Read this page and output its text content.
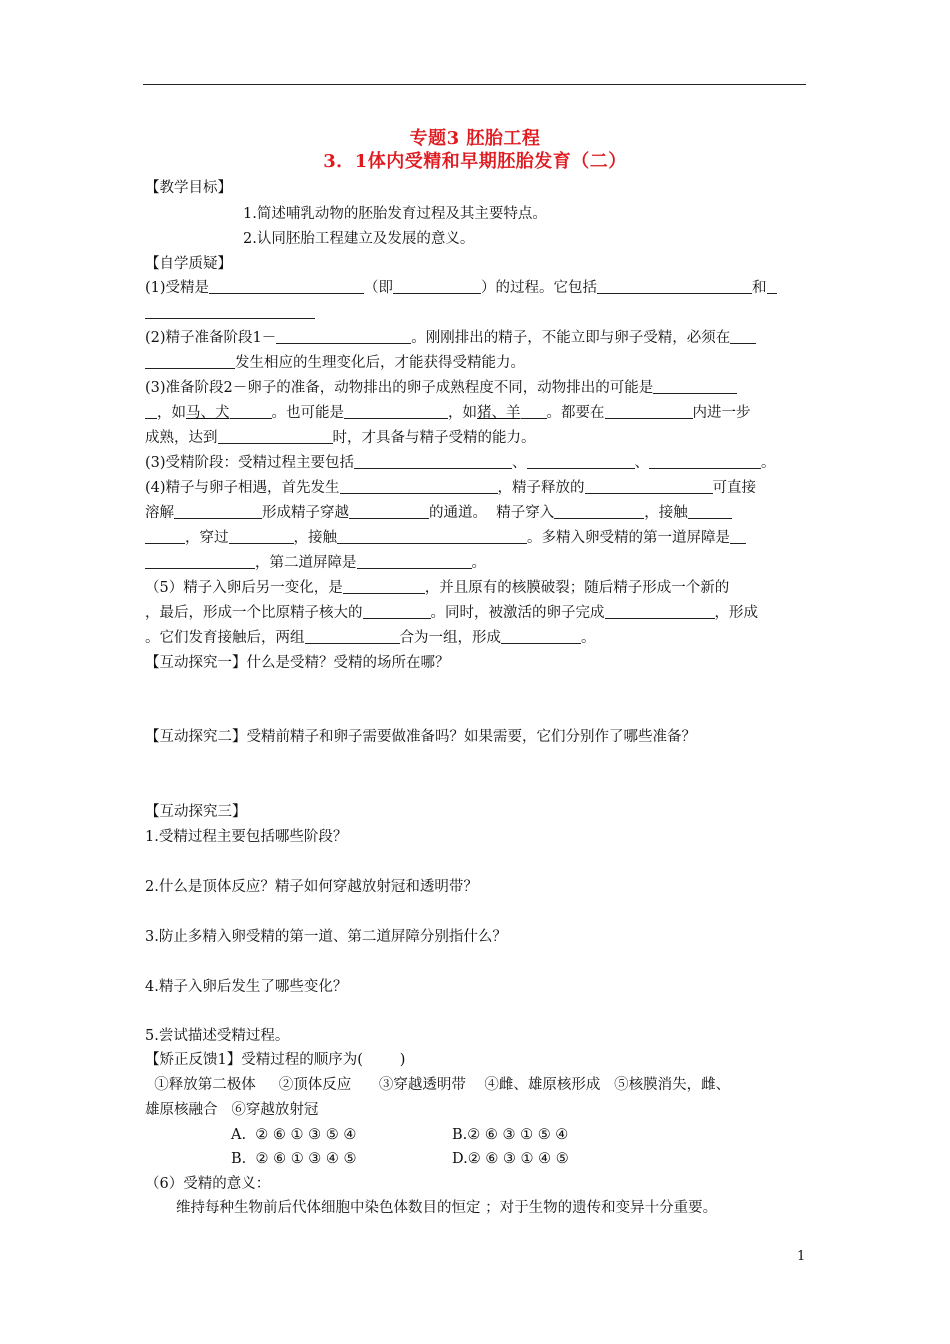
专题3 胚胎工程
3．1体内受精和早期胚胎发育（二）
【教学目标】
1.简述哺乳动物的胚胎发育过程及其主要特点。
2.认同胚胎工程建立及发展的意义。
【自学质疑】
(1)受精是	（即	）的过程。它包括	和
(2)精子准备阶段1－	。刚刚排出的精子，不能立即与卵子受精，必须在
发生相应的生理变化后，才能获得受精能力。
(3)准备阶段2－卵子的准备，动物排出的卵子成熟程度不同，动物排出的可能是
，如马、犬	。也可能是	，如猪、羊 。都要在	内进一步
成熟，达到	时，才具备与精子受精的能力。
(3)受精阶段：受精过程主要包括	、	、	。
(4)精子与卵子相遇，首先发生	，精子释放的	可直接
溶解	形成精子穿越	的通道。  精子穿入	，接触
，穿过	，接触	。多精入卵受精的第一道屏障是
，第二道屏障是	。
（5）精子入卵后另一变化，是	，并且原有的核膜破裂；随后精子形成一个新的
，最后，形成一个比原精子核大的	。同时，被激活的卵子完成	，形成
。它们发育接触后，两组	合为一组，形成	。
【互动探究一】什么是受精？受精的场所在哪？
【互动探究二】受精前精子和卵子需要做准备吗？如果需要，它们分别作了哪些准备？
【互动探究三】
1.受精过程主要包括哪些阶段？
2.什么是顶体反应？精子如何穿越放射冠和透明带？
3.防止多精入卵受精的第一道、第二道屏障分别指什么？
4.精子入卵后发生了哪些变化？
5.尝试描述受精过程。
【矫正反馈1】受精过程的顺序为(        )
①释放第二极体     ②顶体反应      ③穿越透明带    ④雌、雄原核形成   ⑤核膜消失，雌、
雄原核融合   ⑥穿越放射冠
A.  ② ⑥ ① ③ ⑤ ④	B.② ⑥ ③ ① ⑤ ④
B.  ② ⑥ ① ③ ④ ⑤	D.② ⑥ ③ ① ④ ⑤
（6）受精的意义：
维持每种生物前后代体细胞中染色体数目的恒定 ；对于生物的遗传和变异十分重要。
1
